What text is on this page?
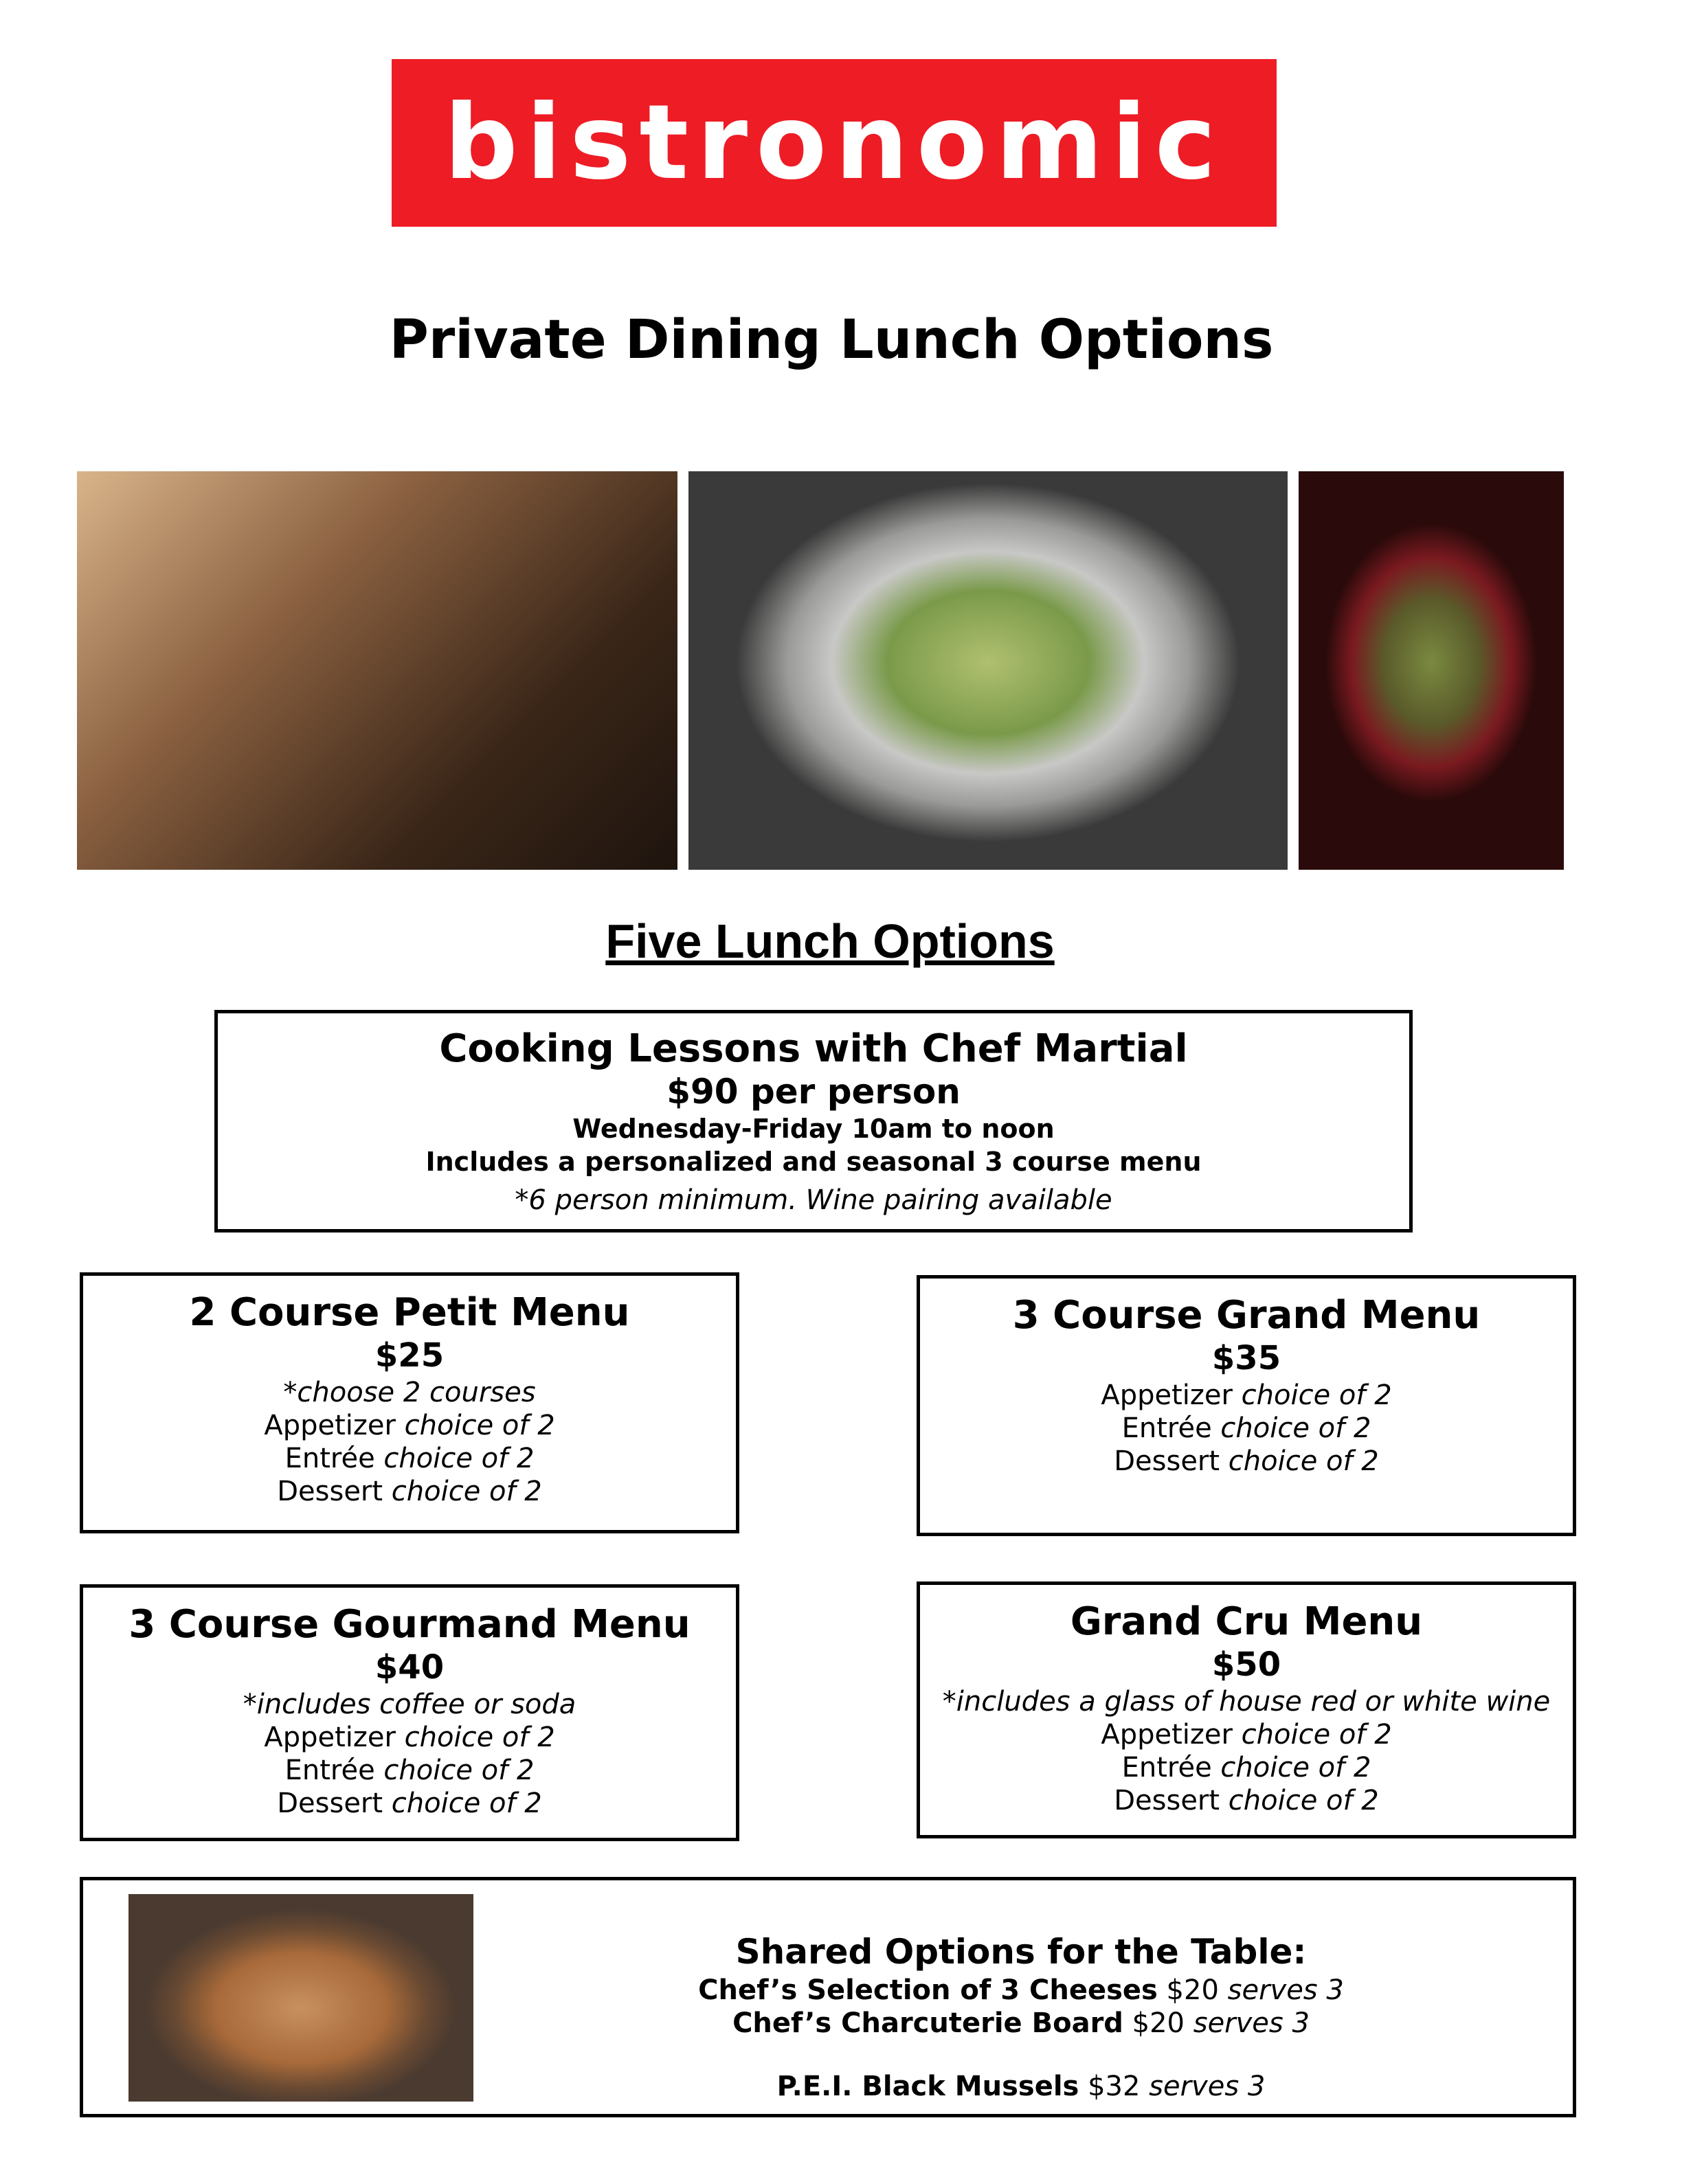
bistronomic
Private Dining Lunch Options
Five Lunch Options
Cooking Lessons with Chef Martial
$90 per person
Wednesday-Friday 10am to noon
Includes a personalized and seasonal 3 course menu
*6 person minimum. Wine pairing available
2 Course Petit Menu
$25
*choose 2 courses
Appetizer choice of 2
Entrée choice of 2
Dessert choice of 2
3 Course Grand Menu
$35
Appetizer choice of 2
Entrée choice of 2
Dessert choice of 2
3 Course Gourmand Menu
$40
*includes coffee or soda
Appetizer choice of 2
Entrée choice of 2
Dessert choice of 2
Grand Cru Menu
$50
*includes a glass of house red or white wine
Appetizer choice of 2
Entrée choice of 2
Dessert choice of 2
Shared Options for the Table:
Chef’s Selection of 3 Cheeses $20 serves 3
Chef’s Charcuterie Board $20 serves 3
P.E.I. Black Mussels $32 serves 3
